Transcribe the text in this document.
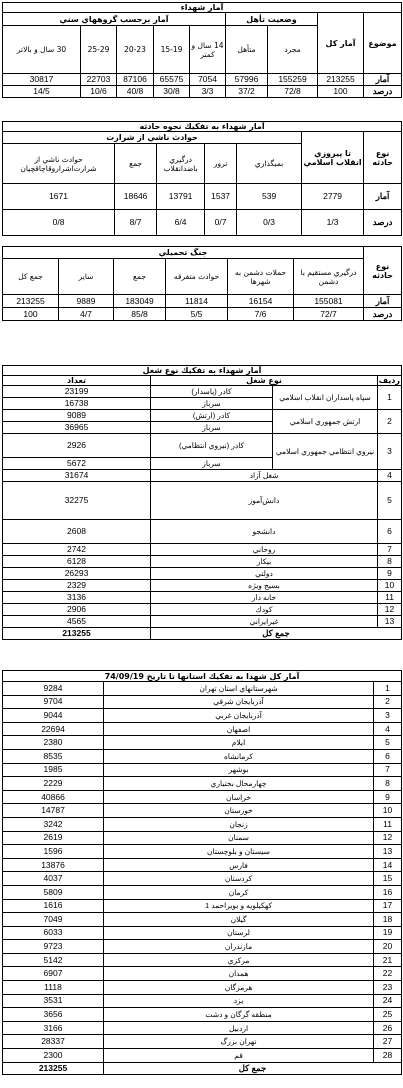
آمار شهداء								
موضوع	آمار کل	وضعيت تأهل		آمار برحسب گروههاي سني				
		مجرد	متأهل	14 سال و كمتر	15-19	20-23	25-29	30 سال و بالاتر
آمار	213255	155259	57996	7054	65575	87106	22703	30817
درصد	100	72/8	37/2	3/3	30/8	40/8	10/6	14/5
آمار شهداء به تفكيك نحوه حادثه						
نوع حادثه	تا پيروزي انقلاب اسلامي	حوادث ناشي از شرارت				
		بمبگذاري	ترور	درگيري باضدانقلاب	جمع	حوادث ناشي از شرارت‌اشرارو‌قاچاقچيان
آمار	2779	539	1537	13791	18646	1671
درصد	1/3	0/3	0/7	6/4	8/7	0/8
نوع حادثه	جنگ تحميلي					
	درگيري مستقيم با دشمن	حملات دشمن به شهرها	حوادث متفرقه	جمع	ساير	جمع كل
آمار	155081	16154	11814	183049	9889	213255
درصد	72/7	7/6	5/5	85/8	4/7	100
آمار شهداء به تفكيك نوع شغل			
رديف	نوع شغل		تعداد
1	سپاه پاسداران انقلاب اسلامي	كادر (پاسدار)	23199
		سرباز	16738
2	ارتش جمهوري اسلامي	كادر (ارتش)	9089
		سرباز	36965
3	نيروي انتظامي جمهوري اسلامي	كادر (نيروي انتظامي)	2926
		سرباز	5672
4	شغل آزاد		31674
5	دانش‌آموز		32275
6	دانشجو		2608
7	روحاني		2742
8	بيكار		6128
9	دولتي		26293
10	بسيج ويژه		2329
11	خانه دار		3136
12	كودك		2906
13	غيرايراني		4565
جمع كل			213255
آمار كل شهدا به تفكيك استانها تا تاريخ 74/09/19		
1	شهرستانهاي استان تهران	9284
2	آذربايجان شرقي	9704
3	آذربايجان غربي	9044
4	اصفهان	22694
5	ايلام	2380
6	كرمانشاه	8535
7	بوشهر	1985
8	چهارمحال بختياري	2229
9	خراسان	40866
10	خوزستان	14787
11	زنجان	3242
12	سمنان	2619
13	سيستان و بلوچستان	1596
14	فارس	13876
15	كردستان	4037
16	كرمان	5809
17	كهكيلويه و بويراحمد 1	1616
18	گيلان	7049
19	لرستان	6033
20	مازندران	9723
21	مركزي	5142
22	همدان	6907
23	هرمزگان	1118
24	يزد	3531
25	منطقه گرگان و دشت	3656
26	اردبيل	3166
27	تهران بزرگ	28337
28	قم	2300
جمع كل		213255
